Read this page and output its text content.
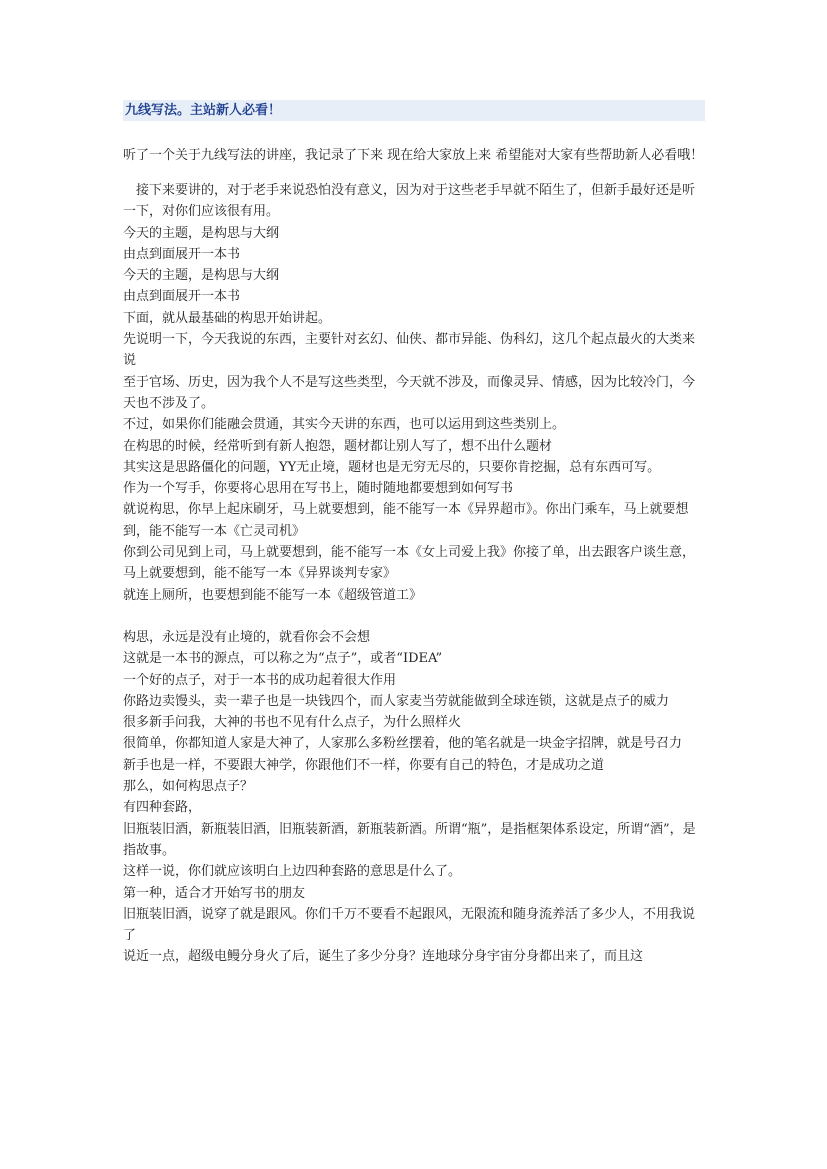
九线写法。主站新人必看！
听了一个关于九线写法的讲座，我记录了下来 现在给大家放上来 希望能对大家有些帮助新人必看哦！
接下来要讲的，对于老手来说恐怕没有意义，因为对于这些老手早就不陌生了，但新手最好还是听一下，对你们应该很有用。
今天的主题，是构思与大纲
由点到面展开一本书
今天的主题，是构思与大纲
由点到面展开一本书
下面，就从最基础的构思开始讲起。
先说明一下，今天我说的东西，主要针对玄幻、仙侠、都市异能、伪科幻，这几个起点最火的大类来说
至于官场、历史，因为我个人不是写这些类型，今天就不涉及，而像灵异、情感，因为比较冷门，今天也不涉及了。
不过，如果你们能融会贯通，其实今天讲的东西，也可以运用到这些类别上。
在构思的时候，经常听到有新人抱怨，题材都让别人写了，想不出什么题材
其实这是思路僵化的问题，YY无止境，题材也是无穷无尽的，只要你肯挖掘，总有东西可写。
作为一个写手，你要将心思用在写书上，随时随地都要想到如何写书
就说构思，你早上起床刷牙，马上就要想到，能不能写一本《异界超市》。你出门乘车，马上就要想到，能不能写一本《亡灵司机》
你到公司见到上司，马上就要想到，能不能写一本《女上司爱上我》你接了单，出去跟客户谈生意，马上就要想到，能不能写一本《异界谈判专家》
就连上厕所，也要想到能不能写一本《超级管道工》
构思，永远是没有止境的，就看你会不会想
这就是一本书的源点，可以称之为“点子”，或者“IDEA”
一个好的点子，对于一本书的成功起着很大作用
你路边卖馒头，卖一辈子也是一块钱四个，而人家麦当劳就能做到全球连锁，这就是点子的威力
很多新手问我，大神的书也不见有什么点子，为什么照样火
很简单，你都知道人家是大神了，人家那么多粉丝摆着，他的笔名就是一块金字招牌，就是号召力
新手也是一样，不要跟大神学，你跟他们不一样，你要有自己的特色，才是成功之道
那么，如何构思点子？
有四种套路，
旧瓶装旧酒，新瓶装旧酒，旧瓶装新酒，新瓶装新酒。所谓“瓶”，是指框架体系设定，所谓“酒”，是指故事。
这样一说，你们就应该明白上边四种套路的意思是什么了。
第一种，适合才开始写书的朋友
旧瓶装旧酒，说穿了就是跟风。你们千万不要看不起跟风，无限流和随身流养活了多少人，不用我说了
说近一点，超级电鳗分身火了后，诞生了多少分身？连地球分身宇宙分身都出来了，而且这
